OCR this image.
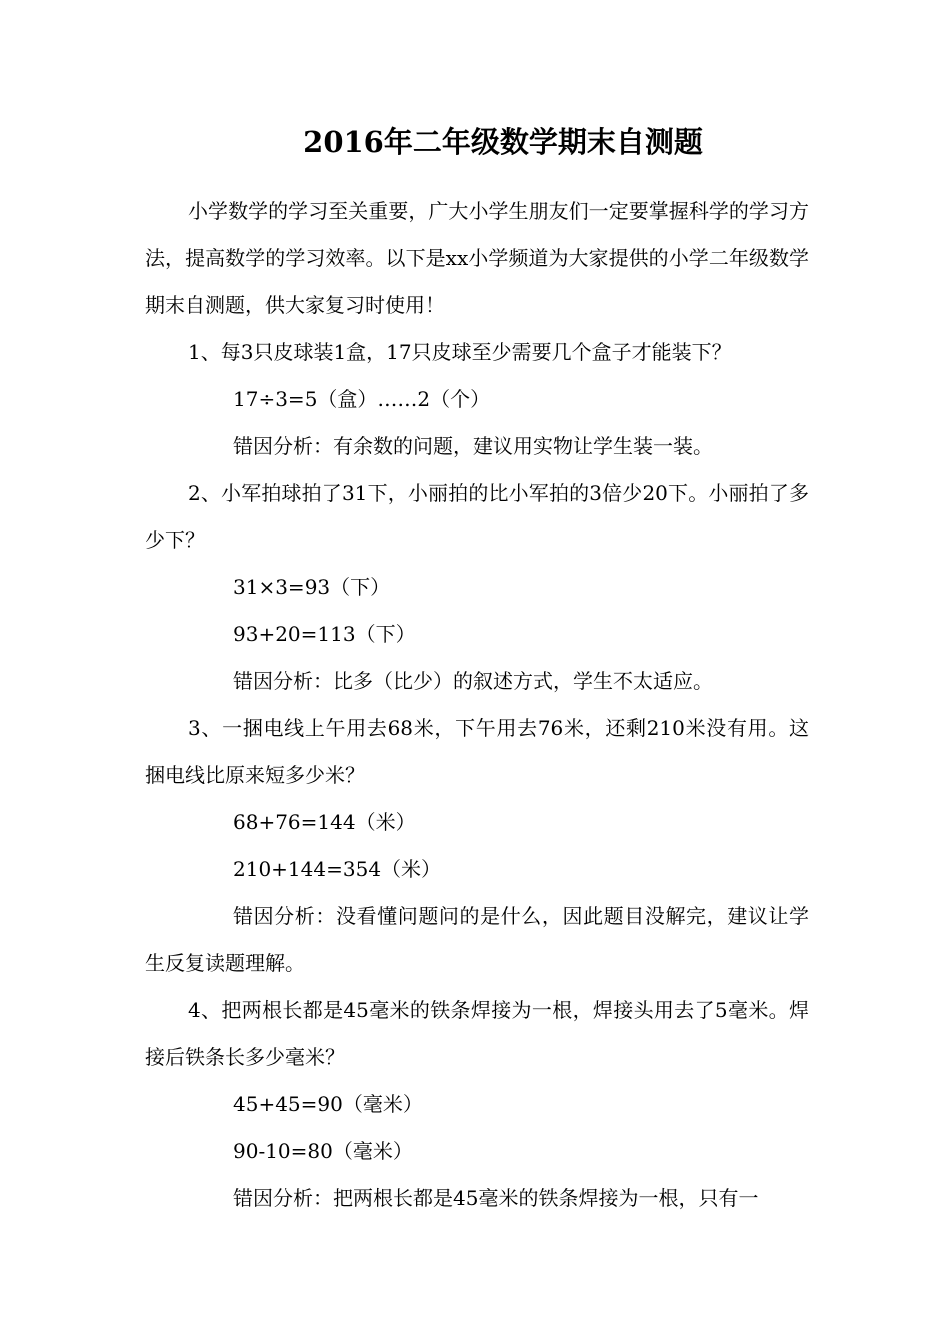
2016年二年级数学期末自测题

小学数学的学习至关重要，广大小学生朋友们一定要掌握科学的学习方法，提高数学的学习效率。以下是xx小学频道为大家提供的小学二年级数学期末自测题，供大家复习时使用！

1、每3只皮球装1盒，17只皮球至少需要几个盒子才能装下？

17÷3=5（盒）……2（个）

错因分析：有余数的问题，建议用实物让学生装一装。

2、小军拍球拍了31下，小丽拍的比小军拍的3倍少20下。小丽拍了多少下？

31×3=93（下）

93+20=113（下）

错因分析：比多（比少）的叙述方式，学生不太适应。

3、一捆电线上午用去68米，下午用去76米，还剩210米没有用。这捆电线比原来短多少米？

68+76=144（米）

210+144=354（米）

错因分析：没看懂问题问的是什么，因此题目没解完，建议让学生反复读题理解。

4、把两根长都是45毫米的铁条焊接为一根，焊接头用去了5毫米。焊接后铁条长多少毫米？

45+45=90（毫米）

90-10=80（毫米）

错因分析：把两根长都是45毫米的铁条焊接为一根，只有一
